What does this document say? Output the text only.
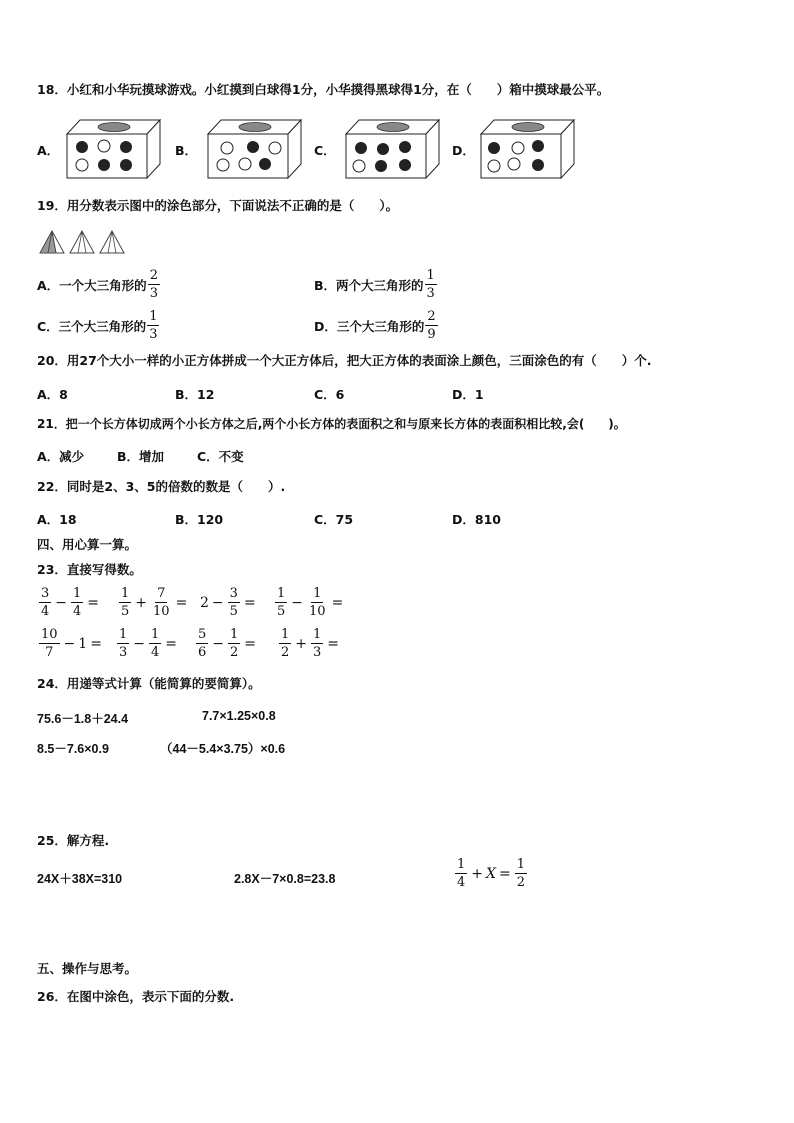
18．小红和小华玩摸球游戏。小红摸到白球得1分，小华摸得黑球得1分，在（　　）箱中摸球最公平。
A．	B．	C．	D．
19．用分数表示图中的涂色部分，下面说法不正确的是（　　）。
A．一个大三角形的 $\frac{2}{3}$	B．两个大三角形的 $\frac{1}{3}$
C．三个大三角形的 $\frac{1}{3}$	D．三个大三角形的 $\frac{2}{9}$
20．用27个大小一样的小正方体拼成一个大正方体后，把大正方体的表面涂上颜色，三面涂色的有（　　）个.
A．8	B．12	C．6	D．1
21．把一个长方体切成两个小长方体之后,两个小长方体的表面积之和与原来长方体的表面积相比较,会(　　)。
A．减少	B．增加	C．不变
22．同时是2、3、5的倍数的数是（　　）.
A．18	B．120	C．75	D．810
四、用心算一算。
23．直接写得数。
$\frac{3}{4} - \frac{1}{4} = \frac{1}{5} + \frac{7}{10} = 2 - \frac{3}{5} = \frac{1}{5} - \frac{1}{10}$ =
$\frac{10}{7} - 1 = \frac{1}{3} - \frac{1}{4} = \frac{5}{6} - \frac{1}{2} = \frac{1}{2} + \frac{1}{3}$ =
24．用递等式计算（能简算的要简算）。
75.6－1.8＋24.4	7.7×1.25×0.8
8.5－7.6×0.9	（44－5.4×3.75）×0.6
25．解方程.
24X＋38X=310	2.8X－7×0.8=23.8	$\frac{1}{4} + X = \frac{1}{2}$
五、操作与思考。
26．在图中涂色，表示下面的分数.
